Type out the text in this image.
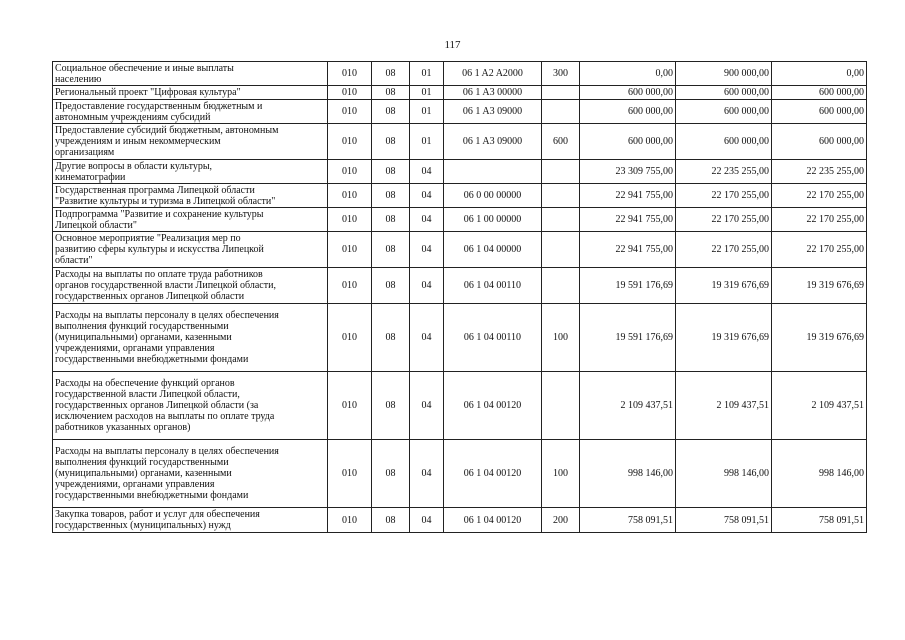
117
Социальное обеспечение и иные выплаты
населению	010	08	01	06 1 A2 A2000	300	0,00	900 000,00	0,00
Региональный проект "Цифровая культура"	010	08	01	06 1 A3 00000		600 000,00	600 000,00	600 000,00
Предоставление государственным бюджетным и
автономным учреждениям субсидий	010	08	01	06 1 A3 09000		600 000,00	600 000,00	600 000,00
Предоставление субсидий бюджетным, автономным
учреждениям и иным некоммерческим
организациям	010	08	01	06 1 A3 09000	600	600 000,00	600 000,00	600 000,00
Другие вопросы в области культуры,
кинематографии	010	08	04			23 309 755,00	22 235 255,00	22 235 255,00
Государственная программа Липецкой области
"Развитие культуры и туризма в Липецкой области"	010	08	04	06 0 00 00000		22 941 755,00	22 170 255,00	22 170 255,00
Подпрограмма "Развитие и сохранение культуры
Липецкой области"	010	08	04	06 1 00 00000		22 941 755,00	22 170 255,00	22 170 255,00
Основное мероприятие "Реализация мер по
развитию сферы культуры и искусства Липецкой
области"	010	08	04	06 1 04 00000		22 941 755,00	22 170 255,00	22 170 255,00
Расходы на выплаты по оплате труда работников
органов государственной власти Липецкой области,
государственных органов Липецкой области	010	08	04	06 1 04 00110		19 591 176,69	19 319 676,69	19 319 676,69
Расходы на выплаты персоналу в целях обеспечения
выполнения функций государственными
(муниципальными) органами, казенными
учреждениями, органами управления
государственными внебюджетными фондами	010	08	04	06 1 04 00110	100	19 591 176,69	19 319 676,69	19 319 676,69
Расходы на обеспечение функций органов
государственной власти Липецкой области,
государственных органов Липецкой области (за
исключением расходов на выплаты по оплате труда
работников указанных органов)	010	08	04	06 1 04 00120		2 109 437,51	2 109 437,51	2 109 437,51
Расходы на выплаты персоналу в целях обеспечения
выполнения функций государственными
(муниципальными) органами, казенными
учреждениями, органами управления
государственными внебюджетными фондами	010	08	04	06 1 04 00120	100	998 146,00	998 146,00	998 146,00
Закупка товаров, работ и услуг для обеспечения
государственных (муниципальных) нужд	010	08	04	06 1 04 00120	200	758 091,51	758 091,51	758 091,51
